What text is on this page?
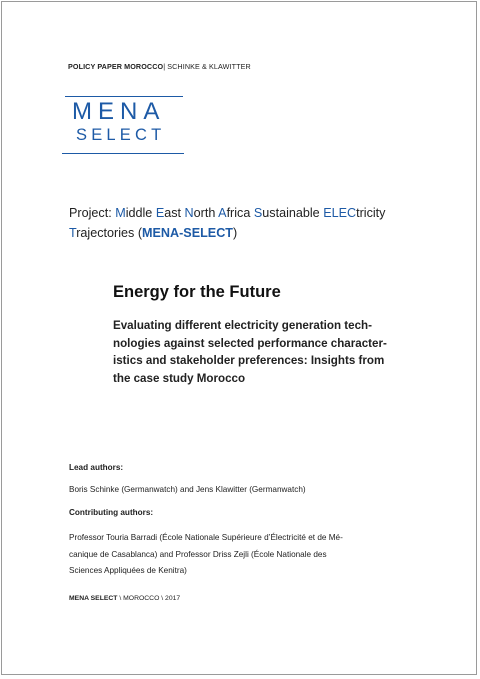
POLICY PAPER MOROCCO| SCHINKE & KLAWITTER
MENA
SELECT
Project: Middle East North Africa Sustainable ELECtricity
Trajectories (MENA-SELECT)
Energy for the Future
Evaluating different electricity generation tech-
nologies against selected performance character-
istics and stakeholder preferences: Insights from
the case study Morocco
Lead authors:
Boris Schinke (Germanwatch) and Jens Klawitter (Germanwatch)
Contributing authors:
Professor Touria Barradi (École Nationale Supérieure d’Électricité et de Mé-
canique de Casablanca) and Professor Driss Zejli (École Nationale des
Sciences Appliquées de Kenitra)
MENA SELECT \ MOROCCO \ 2017
